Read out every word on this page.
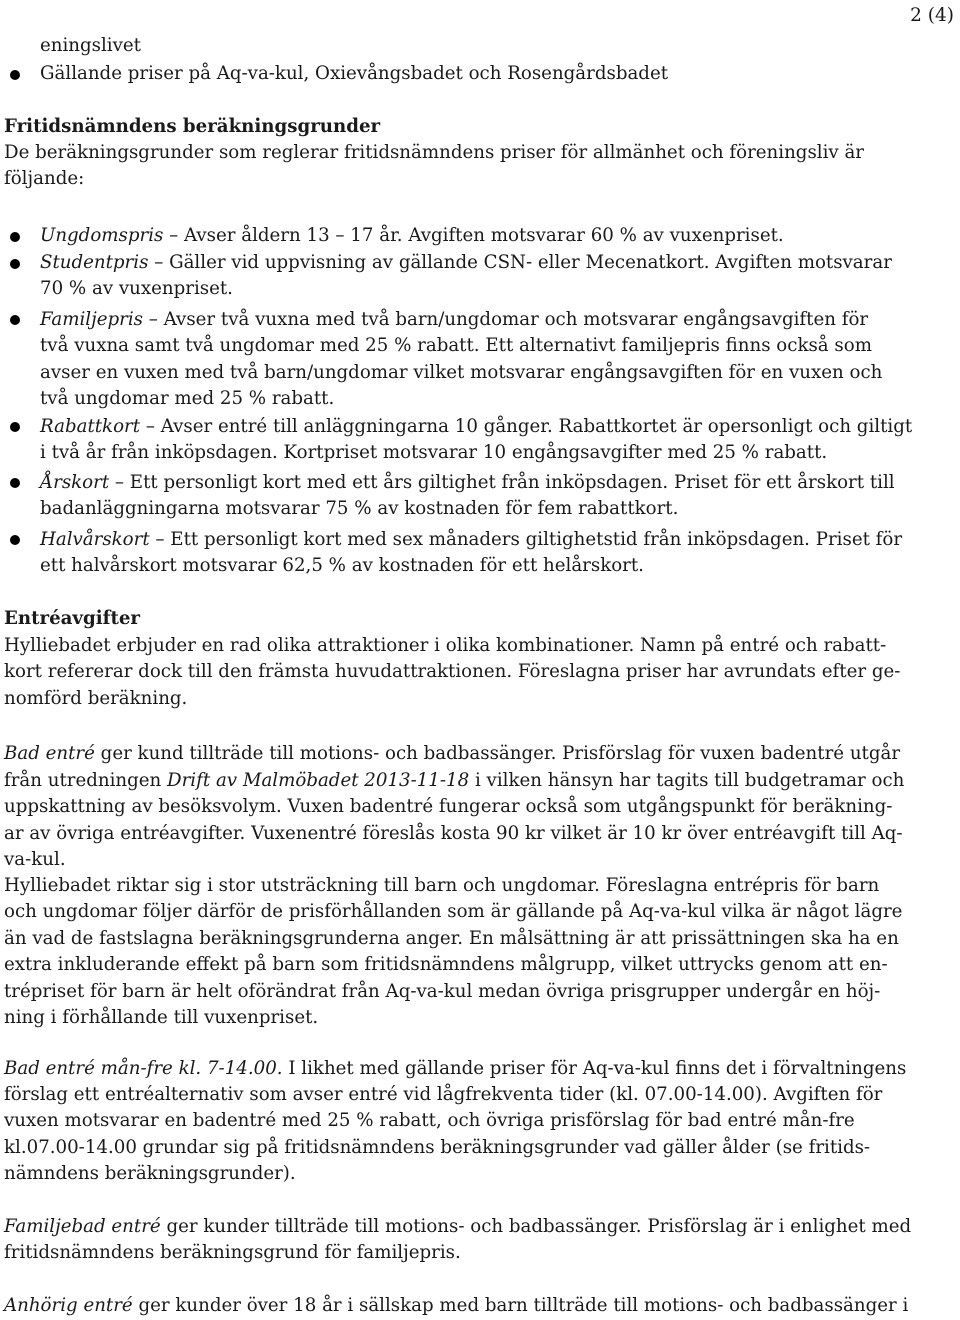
2 (4)
eningslivet
Gällande priser på Aq-va-kul, Oxievångsbadet och Rosengårdsbadet
Fritidsnämndens beräkningsgrunder
De beräkningsgrunder som reglerar fritidsnämndens priser för allmänhet och föreningsliv är
följande:
Ungdomspris – Avser åldern 13 – 17 år. Avgiften motsvarar 60 % av vuxenpriset.
Studentpris – Gäller vid uppvisning av gällande CSN- eller Mecenatkort. Avgiften motsvarar
70 % av vuxenpriset.
Familjepris – Avser två vuxna med två barn/ungdomar och motsvarar engångsavgiften för
två vuxna samt två ungdomar med 25 % rabatt. Ett alternativt familjepris finns också som
avser en vuxen med två barn/ungdomar vilket motsvarar engångsavgiften för en vuxen och
två ungdomar med 25 % rabatt.
Rabattkort – Avser entré till anläggningarna 10 gånger. Rabattkortet är opersonligt och giltigt
i två år från inköpsdagen. Kortpriset motsvarar 10 engångsavgifter med 25 % rabatt.
Årskort – Ett personligt kort med ett års giltighet från inköpsdagen. Priset för ett årskort till
badanläggningarna motsvarar 75 % av kostnaden för fem rabattkort.
Halvårskort – Ett personligt kort med sex månaders giltighetstid från inköpsdagen. Priset för
ett halvårskort motsvarar 62,5 % av kostnaden för ett helårskort.
Entréavgifter
Hylliebadet erbjuder en rad olika attraktioner i olika kombinationer. Namn på entré och rabatt-
kort refererar dock till den främsta huvudattraktionen. Föreslagna priser har avrundats efter ge-
nomförd beräkning.
Bad entré ger kund tillträde till motions- och badbassänger. Prisförslag för vuxen badentré utgår
från utredningen Drift av Malmöbadet 2013-11-18 i vilken hänsyn har tagits till budgetramar och
uppskattning av besöksvolym. Vuxen badentré fungerar också som utgångspunkt för beräkning-
ar av övriga entréavgifter. Vuxenentré föreslås kosta 90 kr vilket är 10 kr över entréavgift till Aq-
va-kul.
Hylliebadet riktar sig i stor utsträckning till barn och ungdomar. Föreslagna entrépris för barn
och ungdomar följer därför de prisförhållanden som är gällande på Aq-va-kul vilka är något lägre
än vad de fastslagna beräkningsgrunderna anger. En målsättning är att prissättningen ska ha en
extra inkluderande effekt på barn som fritidsnämndens målgrupp, vilket uttrycks genom att en-
trépriset för barn är helt oförändrat från Aq-va-kul medan övriga prisgrupper undergår en höj-
ning i förhållande till vuxenpriset.
Bad entré mån-fre kl. 7-14.00. I likhet med gällande priser för Aq-va-kul finns det i förvaltningens
förslag ett entréalternativ som avser entré vid lågfrekventa tider (kl. 07.00-14.00). Avgiften för
vuxen motsvarar en badentré med 25 % rabatt, och övriga prisförslag för bad entré mån-fre
kl.07.00-14.00 grundar sig på fritidsnämndens beräkningsgrunder vad gäller ålder (se fritids-
nämndens beräkningsgrunder).
Familjebad entré ger kunder tillträde till motions- och badbassänger. Prisförslag är i enlighet med
fritidsnämndens beräkningsgrund för familjepris.
Anhörig entré ger kunder över 18 år i sällskap med barn tillträde till motions- och badbassänger i
